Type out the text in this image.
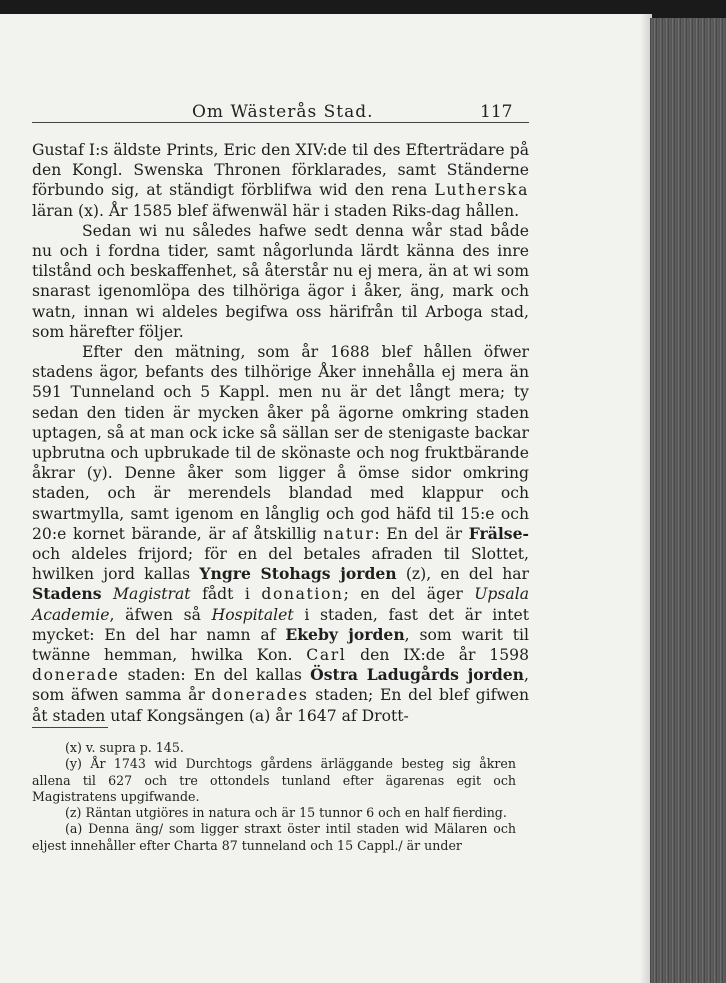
Om Wästerås Stad.	117

Gustaf I:s äldste Prints, Eric den XIV:de til des Efterträdare på den Kongl. Swenska Thronen förklarades, samt Ständerne förbundo sig, at ständigt förblifwa wid den rena Lutherska läran (x). År 1585 blef äfwenwäl här i staden Riks-dag hållen.

Sedan wi nu således hafwe sedt denna wår stad både nu och i fordna tider, samt någorlunda lärdt känna des inre tilstånd och beskaffenhet, så återstår nu ej mera, än at wi som snarast igenomlöpa des tilhöriga ägor i åker, äng, mark och watn, innan wi aldeles begifwa oss härifrån til Arboga stad, som härefter följer.

Efter den mätning, som år 1688 blef hållen öfwer stadens ägor, befants des tilhörige Åker innehålla ej mera än 591 Tunneland och 5 Kappl. men nu är det långt mera; ty sedan den tiden är mycken åker på ägorne omkring staden uptagen, så at man ock icke så sällan ser de stenigaste backar upbrutna och upbrukade til de skönaste och nog fruktbärande åkrar (y). Denne åker som ligger å ömse sidor omkring staden, och är merendels blandad med klappur och swartmylla, samt igenom en långlig och god häfd til 15:e och 20:e kornet bärande, är af åtskillig natur: En del är Frälse- och aldeles frijord; för en del betales afraden til Slottet, hwilken jord kallas Yngre Stohags jorden (z), en del har Stadens Magistrat fådt i donation; en del äger Upsala Academie, äfwen så Hospitalet i staden, fast det är intet mycket: En del har namn af Ekeby jorden, som warit til twänne hemman, hwilka Kon. Carl den IX:de år 1598 donerade staden: En del kallas Östra Ladugårds jorden, som äfwen samma år donerades staden; En del blef gifwen åt staden utaf Kongsängen (a) år 1647 af Drott-

(x) v. supra p. 145.

(y) År 1743 wid Durchtogs gårdens ärläggande besteg sig åkren allena til 627 och tre ottondels tunland efter ägarenas egit och Magistratens upgifwande.

(z) Räntan utgiöres in natura och är 15 tunnor 6 och en half fierding.

(a) Denna äng/ som ligger straxt öster intil staden wid Mälaren och eljest innehåller efter Charta 87 tunneland och 15 Cappl./ är under
